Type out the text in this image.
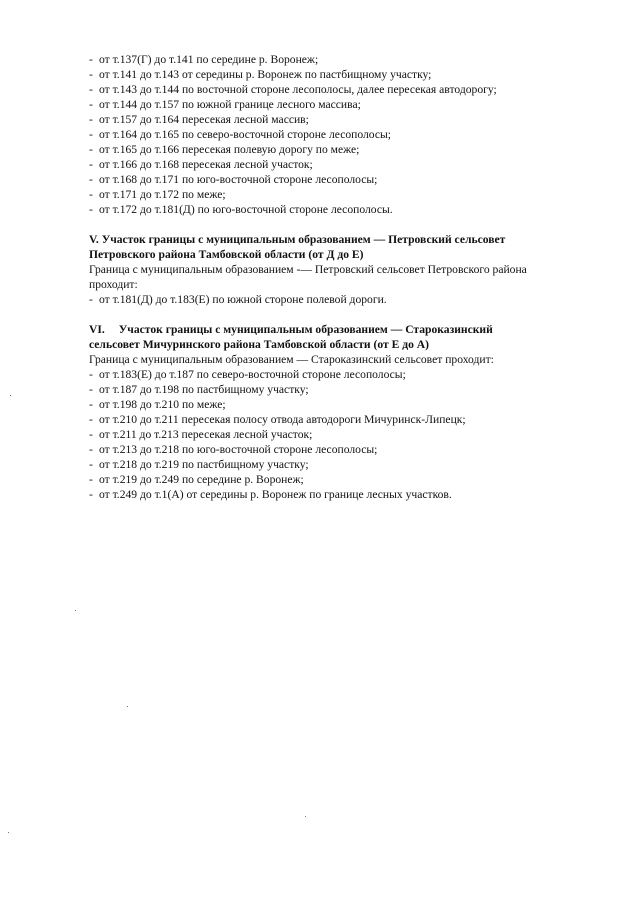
- от т.137(Г) до т.141 по середине р. Воронеж;
- от т.141 до т.143 от середины р. Воронеж по пастбищному участку;
- от т.143 до т.144 по восточной стороне лесополосы, далее пересекая автодорогу;
- от т.144 до т.157 по южной границе лесного массива;
- от т.157 до т.164 пересекая лесной массив;
- от т.164 до т.165 по северо-восточной стороне лесополосы;
- от т.165 до т.166 пересекая полевую дорогу по меже;
- от т.166 до т.168 пересекая лесной участок;
- от т.168 до т.171 по юго-восточной стороне лесополосы;
- от т.171 до т.172 по меже;
- от т.172 до т.181(Д) по юго-восточной стороне лесополосы.
V. Участок границы с муниципальным образованием — Петровский сельсовет
Петровского района Тамбовской области (от Д до Е)
Граница с муниципальным образованием -— Петровский сельсовет Петровского района
проходит:
- от т.181(Д) до т.183(Е) по южной стороне полевой дороги.
VI. Участок границы с муниципальным образованием — Староказинский
сельсовет Мичуринского района Тамбовской области (от Е до А)
Граница с муниципальным образованием — Староказинский сельсовет проходит:
- от т.183(Е) до т.187 по северо-восточной стороне лесополосы;
- от т.187 до т.198 по пастбищному участку;
- от т.198 до т.210 по меже;
- от т.210 до т.211 пересекая полосу отвода автодороги Мичуринск-Липецк;
- от т.211 до т.213 пересекая лесной участок;
- от т.213 до т.218 по юго-восточной стороне лесополосы;
- от т.218 до т.219 по пастбищному участку;
- от т.219 до т.249 по середине р. Воронеж;
- от т.249 до т.1(А) от середины р. Воронеж по границе лесных участков.
